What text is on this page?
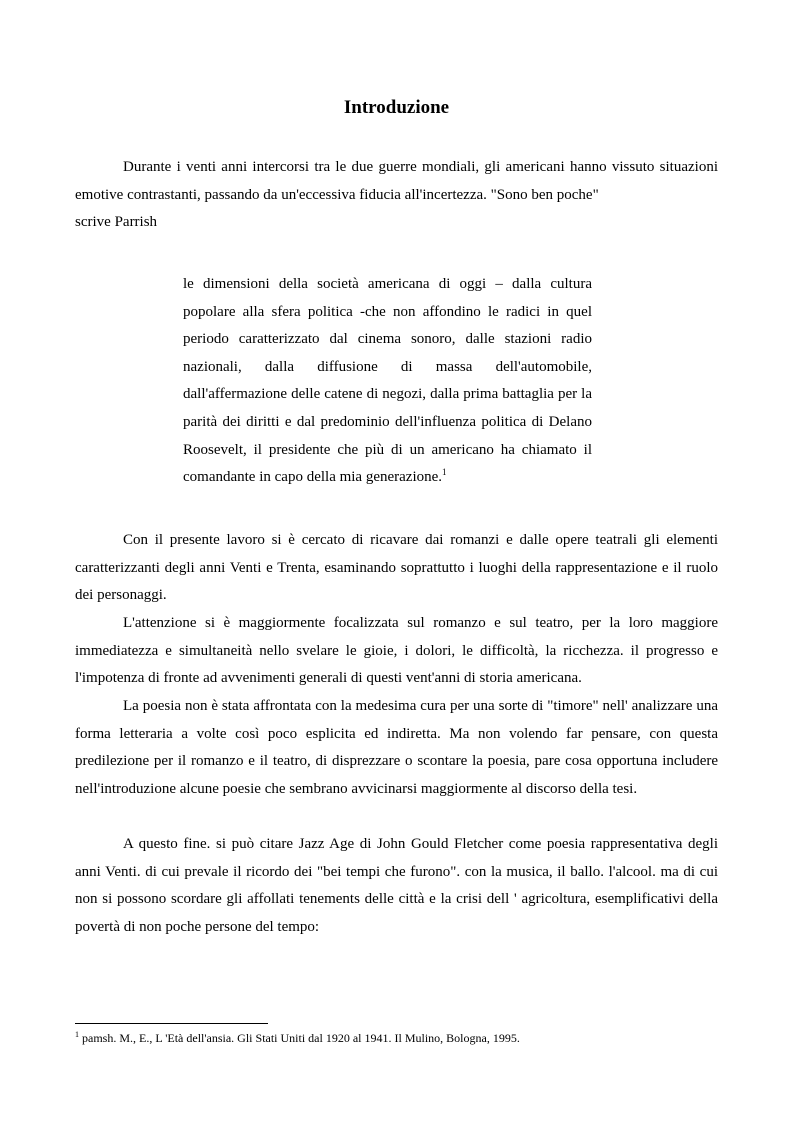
Introduzione
Durante i venti anni intercorsi tra le due guerre mondiali, gli americani hanno vissuto situazioni emotive contrastanti, passando da un'eccessiva fiducia all'incertezza. "Sono ben poche"
scrive Parrish
le dimensioni della società americana di oggi – dalla cultura popolare alla sfera politica -che non affondino le radici in quel periodo caratterizzato dal cinema sonoro, dalle stazioni radio nazionali, dalla diffusione di massa dell'automobile, dall'affermazione delle catene di negozi, dalla prima battaglia per la parità dei diritti e dal predominio dell'influenza politica di Delano Roosevelt, il presidente che più di un americano ha chiamato il comandante in capo della mia generazione.$^1$
Con il presente lavoro si è cercato di ricavare dai romanzi e dalle opere teatrali gli elementi caratterizzanti degli anni Venti e Trenta, esaminando soprattutto i luoghi della rappresentazione e il ruolo dei personaggi.
L'attenzione si è maggiormente focalizzata sul romanzo e sul teatro, per la loro maggiore immediatezza e simultaneità nello svelare le gioie, i dolori, le difficoltà, la ricchezza. il progresso e l'impotenza di fronte ad avvenimenti generali di questi vent'anni di storia americana.
La poesia non è stata affrontata con la medesima cura per una sorte di "timore" nell' analizzare una forma letteraria a volte così poco esplicita ed indiretta. Ma non volendo far pensare, con questa predilezione per il romanzo e il teatro, di disprezzare o scontare la poesia, pare cosa opportuna includere nell'introduzione alcune poesie che sembrano avvicinarsi maggiormente al discorso della tesi.
A questo fine. si può citare Jazz Age di John Gould Fletcher come poesia rappresentativa degli anni Venti. di cui prevale il ricordo dei "bei tempi che furono". con la musica, il ballo. l'alcool. ma di cui non si possono scordare gli affollati tenements delle città e la crisi dell ' agricoltura, esemplificativi della povertà di non poche persone del tempo:
$^1$ pamsh. M., E., L 'Età dell'ansia. Gli Stati Uniti dal 1920 al 1941. Il Mulino, Bologna, 1995.
